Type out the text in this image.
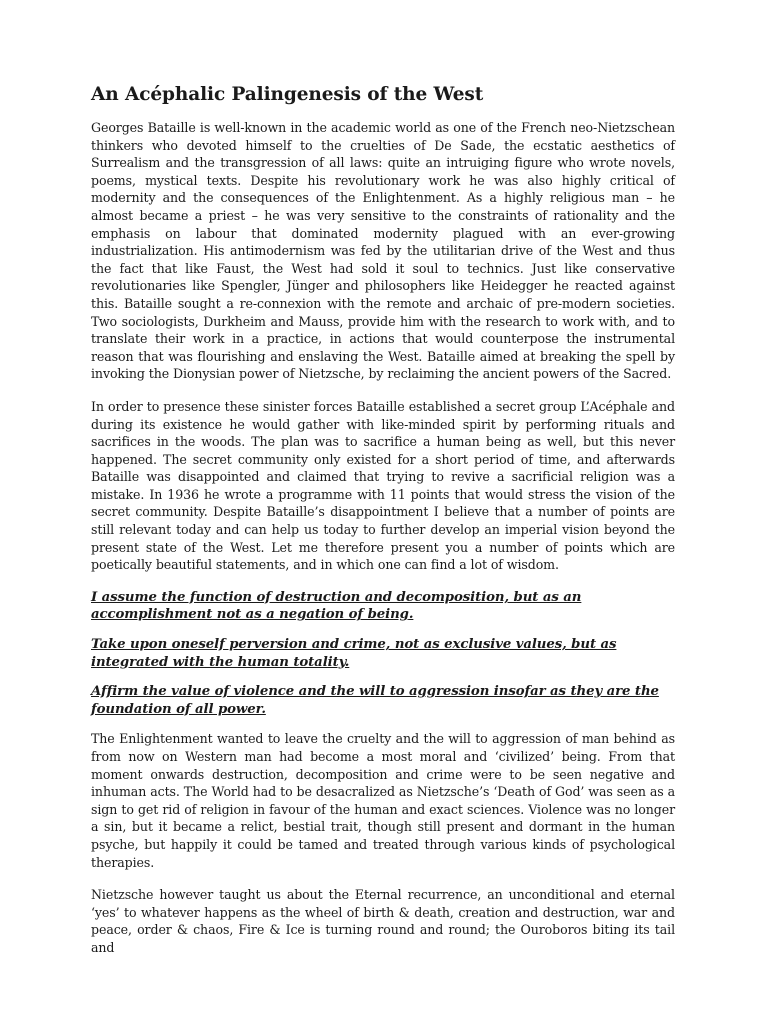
An Acéphalic Palingenesis of the West

Georges Bataille is well-known in the academic world as one of the French neo-Nietzschean thinkers who devoted himself to the cruelties of De Sade, the ecstatic aesthetics of Surrealism and the transgression of all laws: quite an intruiging figure who wrote novels, poems, mystical texts. Despite his revolutionary work he was also highly critical of modernity and the consequences of the Enlightenment. As a highly religious man – he almost became a priest – he was very sensitive to the constraints of rationality and the emphasis on labour that dominated modernity plagued with an ever-growing industrialization. His antimodernism was fed by the utilitarian drive of the West and thus the fact that like Faust, the West had sold it soul to technics. Just like conservative revolutionaries like Spengler, Jünger and philosophers like Heidegger he reacted against this. Bataille sought a re-connexion with the remote and archaic of pre-modern societies. Two sociologists, Durkheim and Mauss, provide him with the research to work with, and to translate their work in a practice, in actions that would counterpose the instrumental reason that was flourishing and enslaving the West. Bataille aimed at breaking the spell by invoking the Dionysian power of Nietzsche, by reclaiming the ancient powers of the Sacred.

In order to presence these sinister forces Bataille established a secret group L’Acéphale and during its existence he would gather with like-minded spirit by performing rituals and sacrifices in the woods. The plan was to sacrifice a human being as well, but this never happened. The secret community only existed for a short period of time, and afterwards Bataille was disappointed and claimed that trying to revive a sacrificial religion was a mistake. In 1936 he wrote a programme with 11 points that would stress the vision of the secret community. Despite Bataille’s disappointment I believe that a number of points are still relevant today and can help us today to further develop an imperial vision beyond the present state of the West. Let me therefore present you a number of points which are poetically beautiful statements, and in which one can find a lot of wisdom.

I assume the function of destruction and decomposition, but as an accomplishment not as a negation of being.

Take upon oneself perversion and crime, not as exclusive values, but as integrated with the human totality.

Affirm the value of violence and the will to aggression insofar as they are the foundation of all power.

The Enlightenment wanted to leave the cruelty and the will to aggression of man behind as from now on Western man had become a most moral and ‘civilized’ being. From that moment onwards destruction, decomposition and crime were to be seen negative and inhuman acts. The World had to be desacralized as Nietzsche’s ‘Death of God’ was seen as a sign to get rid of religion in favour of the human and exact sciences. Violence was no longer a sin, but it became a relict, bestial trait, though still present and dormant in the human psyche, but happily it could be tamed and treated through various kinds of psychological therapies.

Nietzsche however taught us about the Eternal recurrence, an unconditional and eternal ‘yes’ to whatever happens as the wheel of birth & death, creation and destruction, war and peace, order & chaos, Fire & Ice is turning round and round; the Ouroboros biting its tail and
